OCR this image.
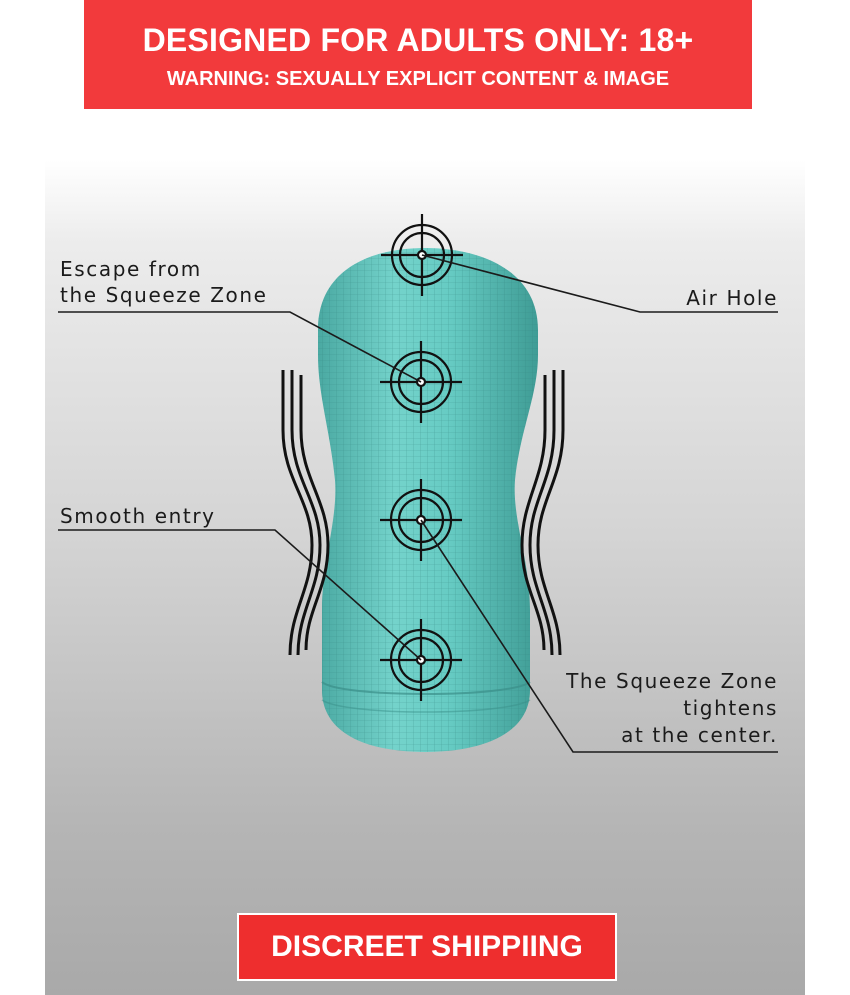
DESIGNED FOR ADULTS ONLY: 18+
WARNING: SEXUALLY EXPLICIT CONTENT & IMAGE
Escape from
the Squeeze Zone	Air Hole
Smooth entry
The Squeeze Zone
tightens
at the center.
DISCREET SHIPPIING
